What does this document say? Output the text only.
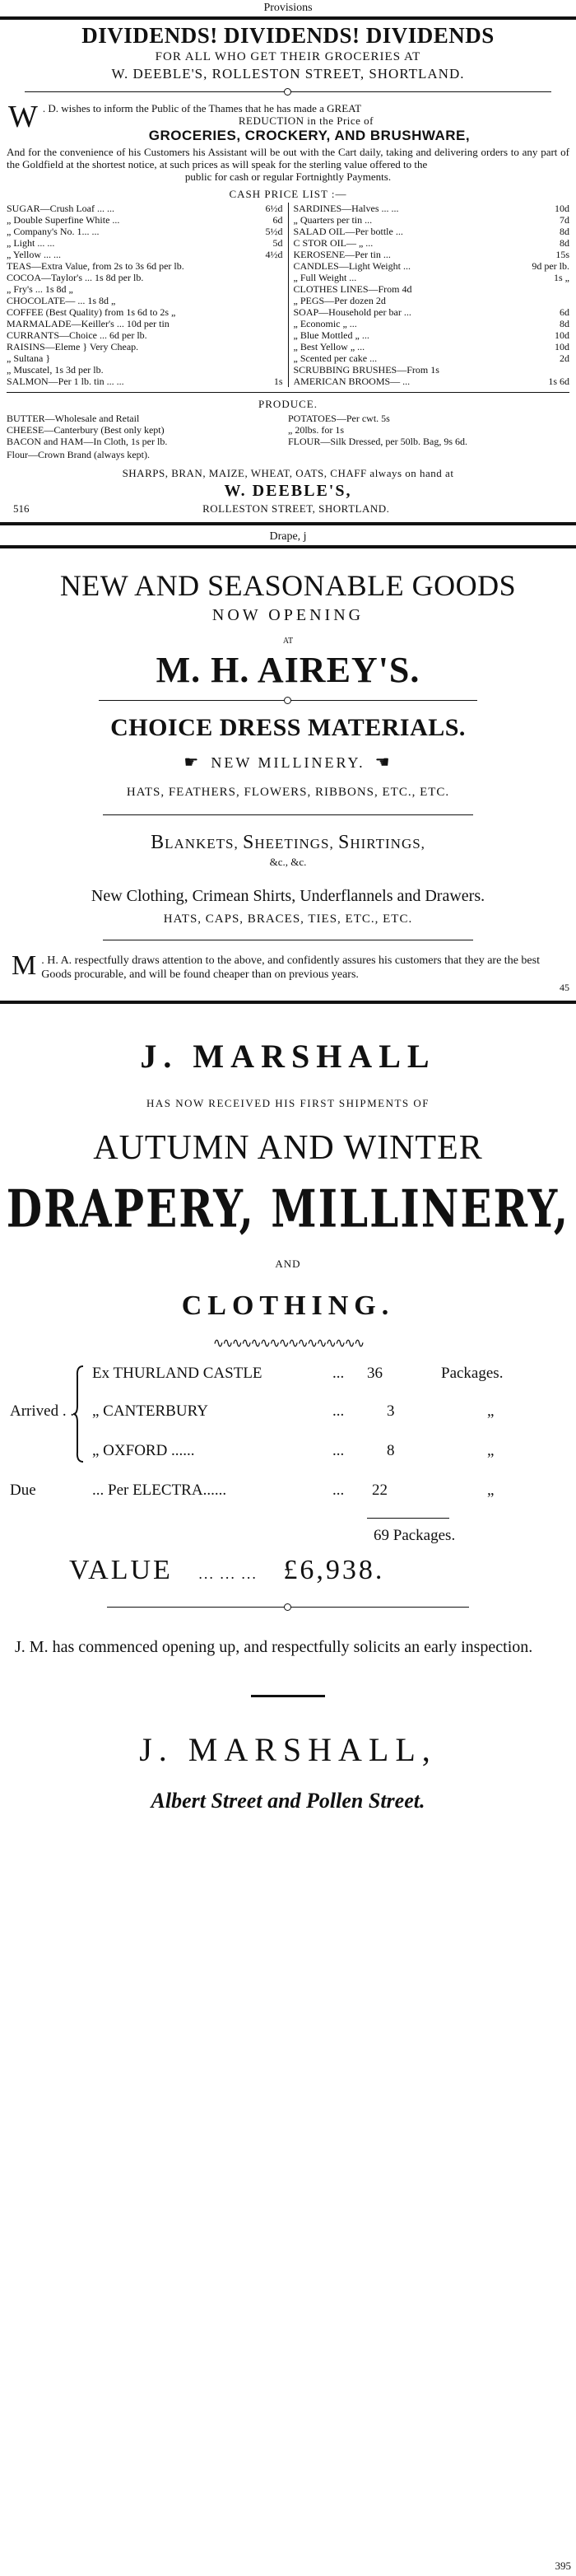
Provisions
DIVIDENDS! DIVIDENDS! DIVIDENDS
FOR ALL WHO GET THEIR GROCERIES AT
W. DEEBLE'S, ROLLESTON STREET, SHORTLAND.
W . D. wishes to inform the Public of the Thames that he has made a GREAT
REDUCTION in the Price of
GROCERIES, CROCKERY, AND BRUSHWARE,
And for the convenience of his Customers his Assistant will be out with the Cart daily, taking and delivering orders to any part of the Goldfield at the shortest notice, at such prices as will speak for the sterling value offered to the
public for cash or regular Fortnightly Payments.
CASH PRICE LIST :—
SUGAR—Crush Loaf ... ...	6½d
„ Double Superfine White ...	6d
„ Company's No. 1... ...	5½d
„ Light ... ...	5d
„ Yellow ... ...	4½d
TEAS—Extra Value, from 2s to 3s 6d per lb.
COCOA—Taylor's ... 1s 8d per lb.
„ Fry's ... 1s 8d „
CHOCOLATE— ... 1s 8d „
COFFEE (Best Quality) from 1s 6d to 2s „
MARMALADE—Keiller's ... 10d per tin
CURRANTS—Choice ... 6d per lb.
RAISINS—Eleme } Very Cheap.
„ Sultana }
„ Muscatel, 1s 3d per lb.
SALMON—Per 1 lb. tin ... ...	1s
SARDINES—Halves ... ...	10d
„ Quarters per tin ...	7d
SALAD OIL—Per bottle ...	8d
C STOR OIL— „ ...	8d
KEROSENE—Per tin ...	15s
CANDLES—Light Weight ...	9d per lb.
„ Full Weight ...	1s „
CLOTHES LINES—From 4d
„ PEGS—Per dozen 2d
SOAP—Household per bar ...	6d
„ Economic „ ...	8d
„ Blue Mottled „ ...	10d
„ Best Yellow „ ...	10d
„ Scented per cake ...	2d
SCRUBBING BRUSHES—From 1s
AMERICAN BROOMS— ...	1s 6d
PRODUCE.
BUTTER—Wholesale and Retail	POTATOES—Per cwt. 5s
CHEESE—Canterbury (Best only kept)	„ 20lbs. for 1s
BACON and HAM—In Cloth, 1s per lb.	FLOUR—Silk Dressed, per 50lb. Bag, 9s 6d.
Flour—Crown Brand (always kept).
SHARPS, BRAN, MAIZE, WHEAT, OATS, CHAFF always on hand at
W. DEEBLE'S,
516	ROLLESTON STREET, SHORTLAND.
Drape, j
NEW AND SEASONABLE GOODS
NOW OPENING
AT
M. H. AIREY'S.
CHOICE DRESS MATERIALS.
☛ NEW MILLINERY. ☚
HATS, FEATHERS, FLOWERS, RIBBONS, ETC., ETC.
BLANKETS, SHEETINGS, SHIRTINGS,
&c., &c.
New Clothing, Crimean Shirts, Underflannels and Drawers.
HATS, CAPS, BRACES, TIES, ETC., ETC.
M . H. A. respectfully draws attention to the above, and confidently assures his customers that they are the best Goods procurable, and will be found cheaper than on previous years.
45
J. MARSHALL
HAS NOW RECEIVED HIS FIRST SHIPMENTS OF
AUTUMN AND WINTER
DRAPERY, MILLINERY,
AND
CLOTHING.
∿∿∿∿∿∿∿∿∿∿∿∿∿∿∿∿
Arrived . .
Ex THURLAND CASTLE	... 36	Packages.
„ CANTERBURY	...	3	„
„ OXFORD ......	...	8	„
Due	... Per ELECTRA......	... 22	„
69 Packages.
VALUE ... ... ... £6,938.
J. M. has commenced opening up, and respectfully solicits an early inspection.
J. MARSHALL,
Albert Street and Pollen Street.
395
